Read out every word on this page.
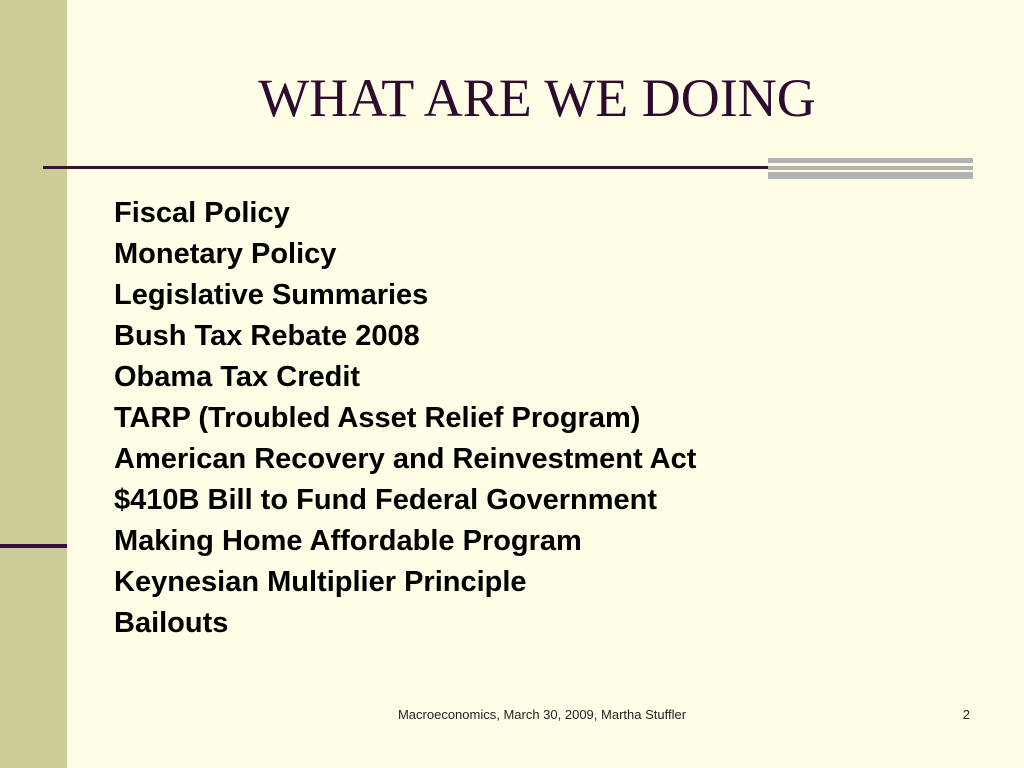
WHAT ARE WE DOING
Fiscal Policy
Monetary Policy
Legislative Summaries
Bush Tax Rebate 2008
Obama Tax Credit
TARP (Troubled Asset Relief Program)
American Recovery and Reinvestment Act
$410B Bill to Fund Federal Government
Making Home Affordable Program
Keynesian Multiplier Principle
Bailouts
Macroeconomics, March 30, 2009, Martha Stuffler	2
